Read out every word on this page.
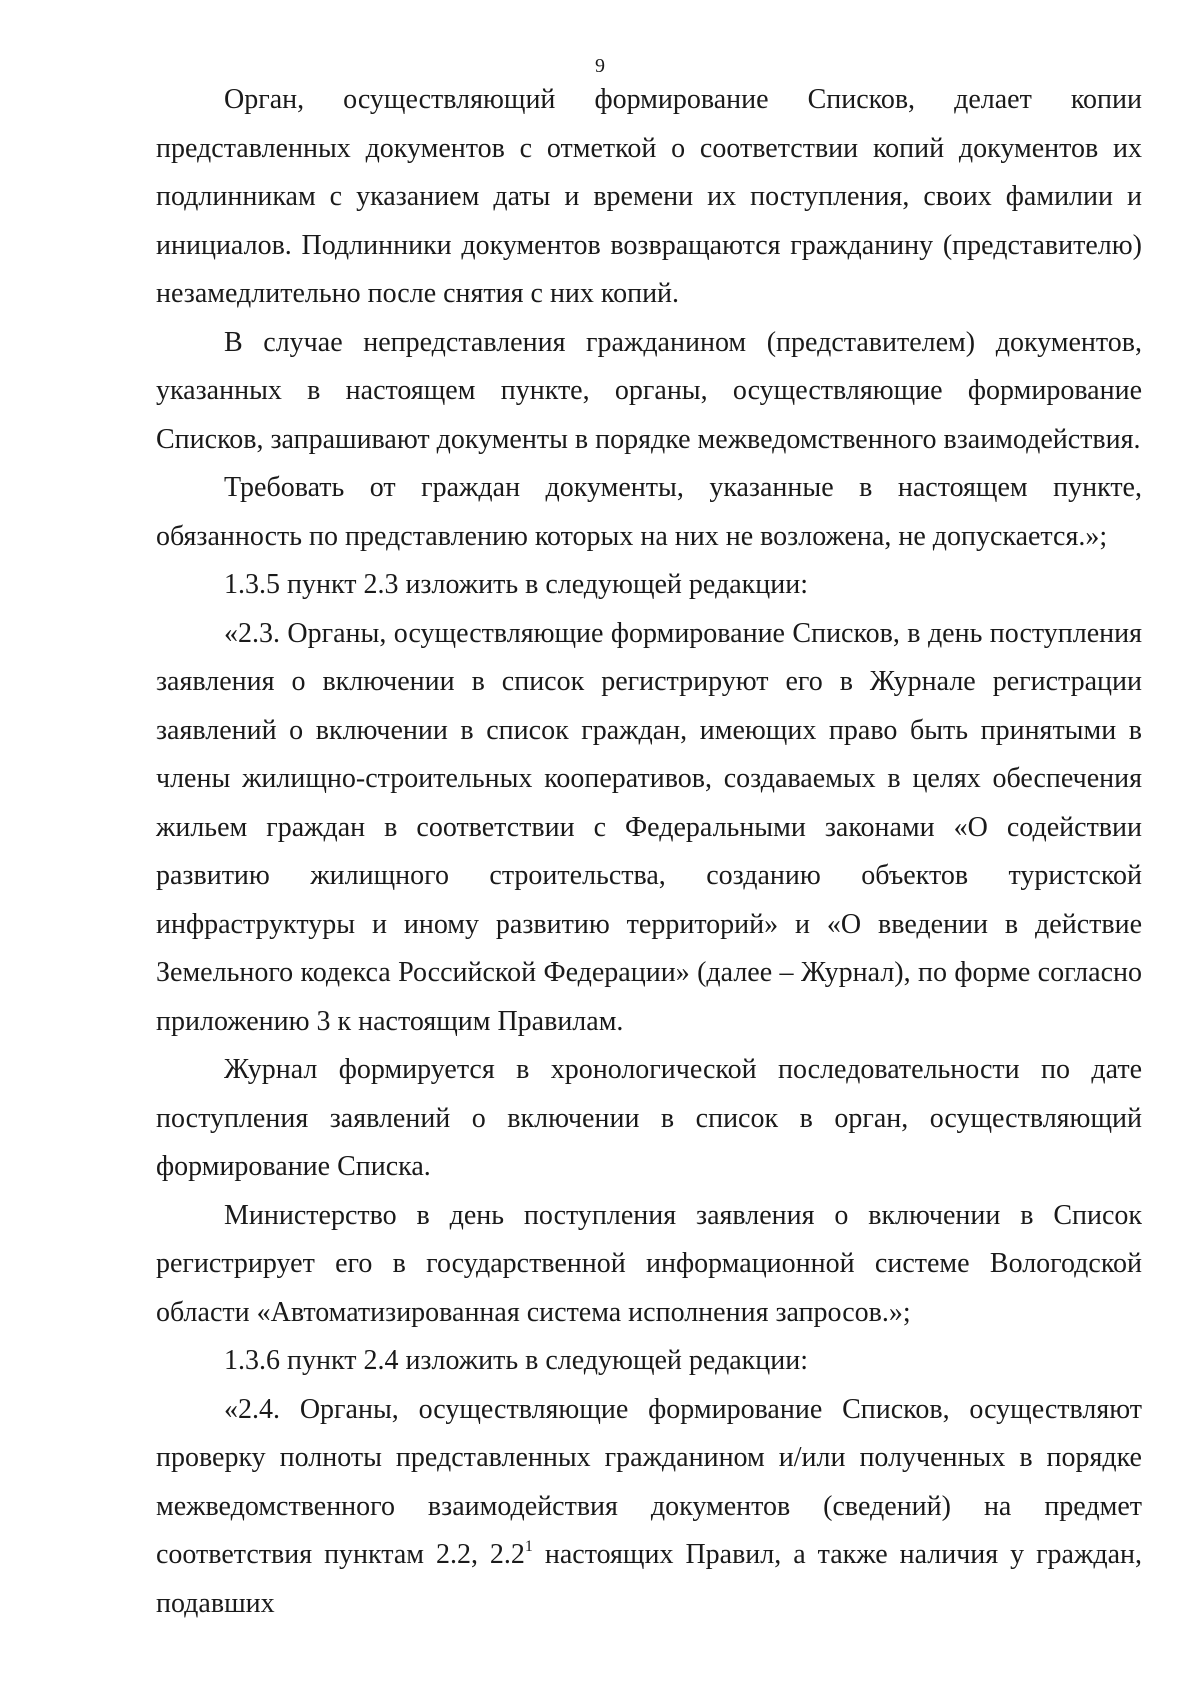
9

Орган, осуществляющий формирование Списков, делает копии представленных документов с отметкой о соответствии копий документов их подлинникам с указанием даты и времени их поступления, своих фамилии и инициалов. Подлинники документов возвращаются гражданину (представителю) незамедлительно после снятия с них копий.

В случае непредставления гражданином (представителем) документов, указанных в настоящем пункте, органы, осуществляющие формирование Списков, запрашивают документы в порядке межведомственного взаимодействия.

Требовать от граждан документы, указанные в настоящем пункте, обязанность по представлению которых на них не возложена, не допускается.»;

1.3.5 пункт 2.3 изложить в следующей редакции:

«2.3. Органы, осуществляющие формирование Списков, в день поступления заявления о включении в список регистрируют его в Журнале регистрации заявлений о включении в список граждан, имеющих право быть принятыми в члены жилищно-строительных кооперативов, создаваемых в целях обеспечения жильем граждан в соответствии с Федеральными законами «О содействии развитию жилищного строительства, созданию объектов туристской инфраструктуры и иному развитию территорий» и «О введении в действие Земельного кодекса Российской Федерации» (далее – Журнал), по форме согласно приложению 3 к настоящим Правилам.

Журнал формируется в хронологической последовательности по дате поступления заявлений о включении в список в орган, осуществляющий формирование Списка.

Министерство в день поступления заявления о включении в Список регистрирует его в государственной информационной системе Вологодской области «Автоматизированная система исполнения запросов.»;

1.3.6 пункт 2.4 изложить в следующей редакции:

«2.4. Органы, осуществляющие формирование Списков, осуществляют проверку полноты представленных гражданином и/или полученных в порядке межведомственного взаимодействия документов (сведений) на предмет соответствия пунктам 2.2, $2.2^1$ настоящих Правил, а также наличия у граждан, подавших
